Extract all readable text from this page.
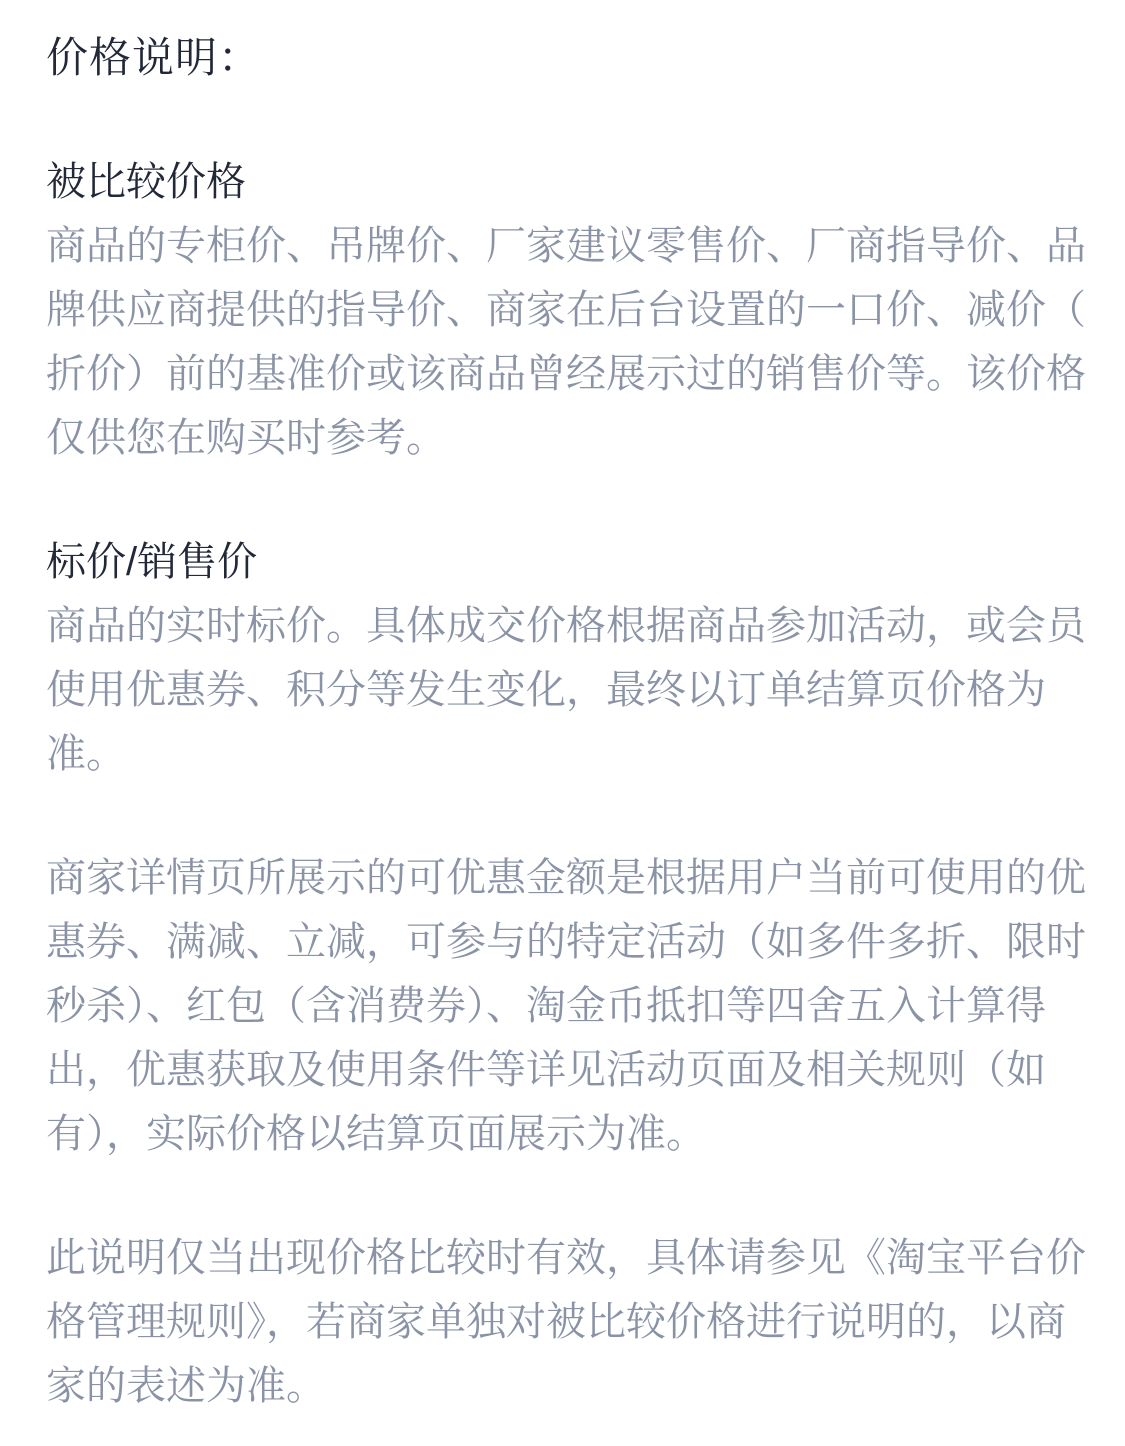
价格说明：
被比较价格
商品的专柜价、吊牌价、厂家建议零售价、厂商指导价、品
牌供应商提供的指导价、商家在后台设置的一口价、减价（
折价）前的基准价或该商品曾经展示过的销售价等。该价格
仅供您在购买时参考。
标价/销售价
商品的实时标价。具体成交价格根据商品参加活动，或会员
使用优惠券、积分等发生变化，最终以订单结算页价格为
准。
商家详情页所展示的可优惠金额是根据用户当前可使用的优
惠券、满减、立减，可参与的特定活动（如多件多折、限时
秒杀）、红包（含消费券）、淘金币抵扣等四舍五入计算得
出，优惠获取及使用条件等详见活动页面及相关规则（如
有），实际价格以结算页面展示为准。
此说明仅当出现价格比较时有效，具体请参见《淘宝平台价
格管理规则》，若商家单独对被比较价格进行说明的，以商
家的表述为准。
